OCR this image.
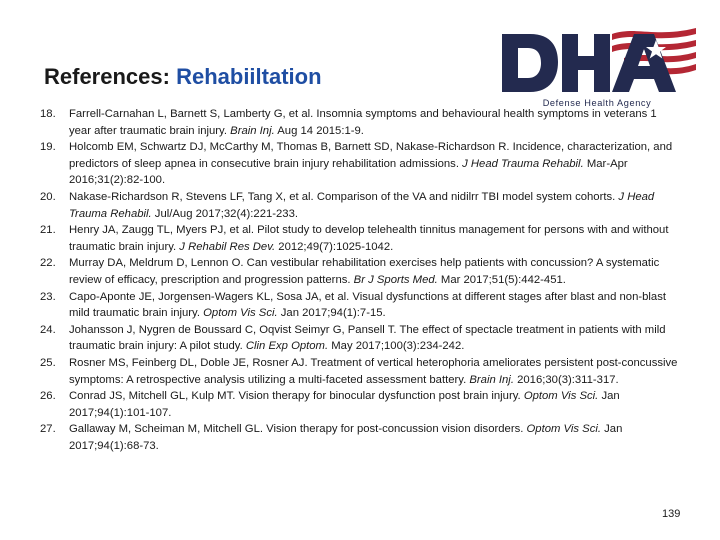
References: Rehabiiltation
Defense Health Agency
18.	Farrell-Carnahan L, Barnett S, Lamberty G, et al. Insomnia symptoms and behavioural health symptoms in veterans 1 year after traumatic brain injury. Brain Inj. Aug 14 2015:1-9.
19.	Holcomb EM, Schwartz DJ, McCarthy M, Thomas B, Barnett SD, Nakase-Richardson R. Incidence, characterization, and predictors of sleep apnea in consecutive brain injury rehabilitation admissions. J Head Trauma Rehabil. Mar-Apr 2016;31(2):82-100.
20.	Nakase-Richardson R, Stevens LF, Tang X, et al. Comparison of the VA and nidilrr TBI model system cohorts. J Head Trauma Rehabil. Jul/Aug 2017;32(4):221-233.
21.	Henry JA, Zaugg TL, Myers PJ, et al. Pilot study to develop telehealth tinnitus management for persons with and without traumatic brain injury. J Rehabil Res Dev. 2012;49(7):1025-1042.
22.	Murray DA, Meldrum D, Lennon O. Can vestibular rehabilitation exercises help patients with concussion? A systematic review of efficacy, prescription and progression patterns. Br J Sports Med. Mar 2017;51(5):442-451.
23.	Capo-Aponte JE, Jorgensen-Wagers KL, Sosa JA, et al. Visual dysfunctions at different stages after blast and non-blast mild traumatic brain injury. Optom Vis Sci. Jan 2017;94(1):7-15.
24.	Johansson J, Nygren de Boussard C, Oqvist Seimyr G, Pansell T. The effect of spectacle treatment in patients with mild traumatic brain injury: A pilot study. Clin Exp Optom. May 2017;100(3):234-242.
25.	Rosner MS, Feinberg DL, Doble JE, Rosner AJ. Treatment of vertical heterophoria ameliorates persistent post-concussive symptoms: A retrospective analysis utilizing a multi-faceted assessment battery. Brain Inj. 2016;30(3):311-317.
26.	Conrad JS, Mitchell GL, Kulp MT. Vision therapy for binocular dysfunction post brain injury. Optom Vis Sci. Jan 2017;94(1):101-107.
27.	Gallaway M, Scheiman M, Mitchell GL. Vision therapy for post-concussion vision disorders. Optom Vis Sci. Jan 2017;94(1):68-73.
139
